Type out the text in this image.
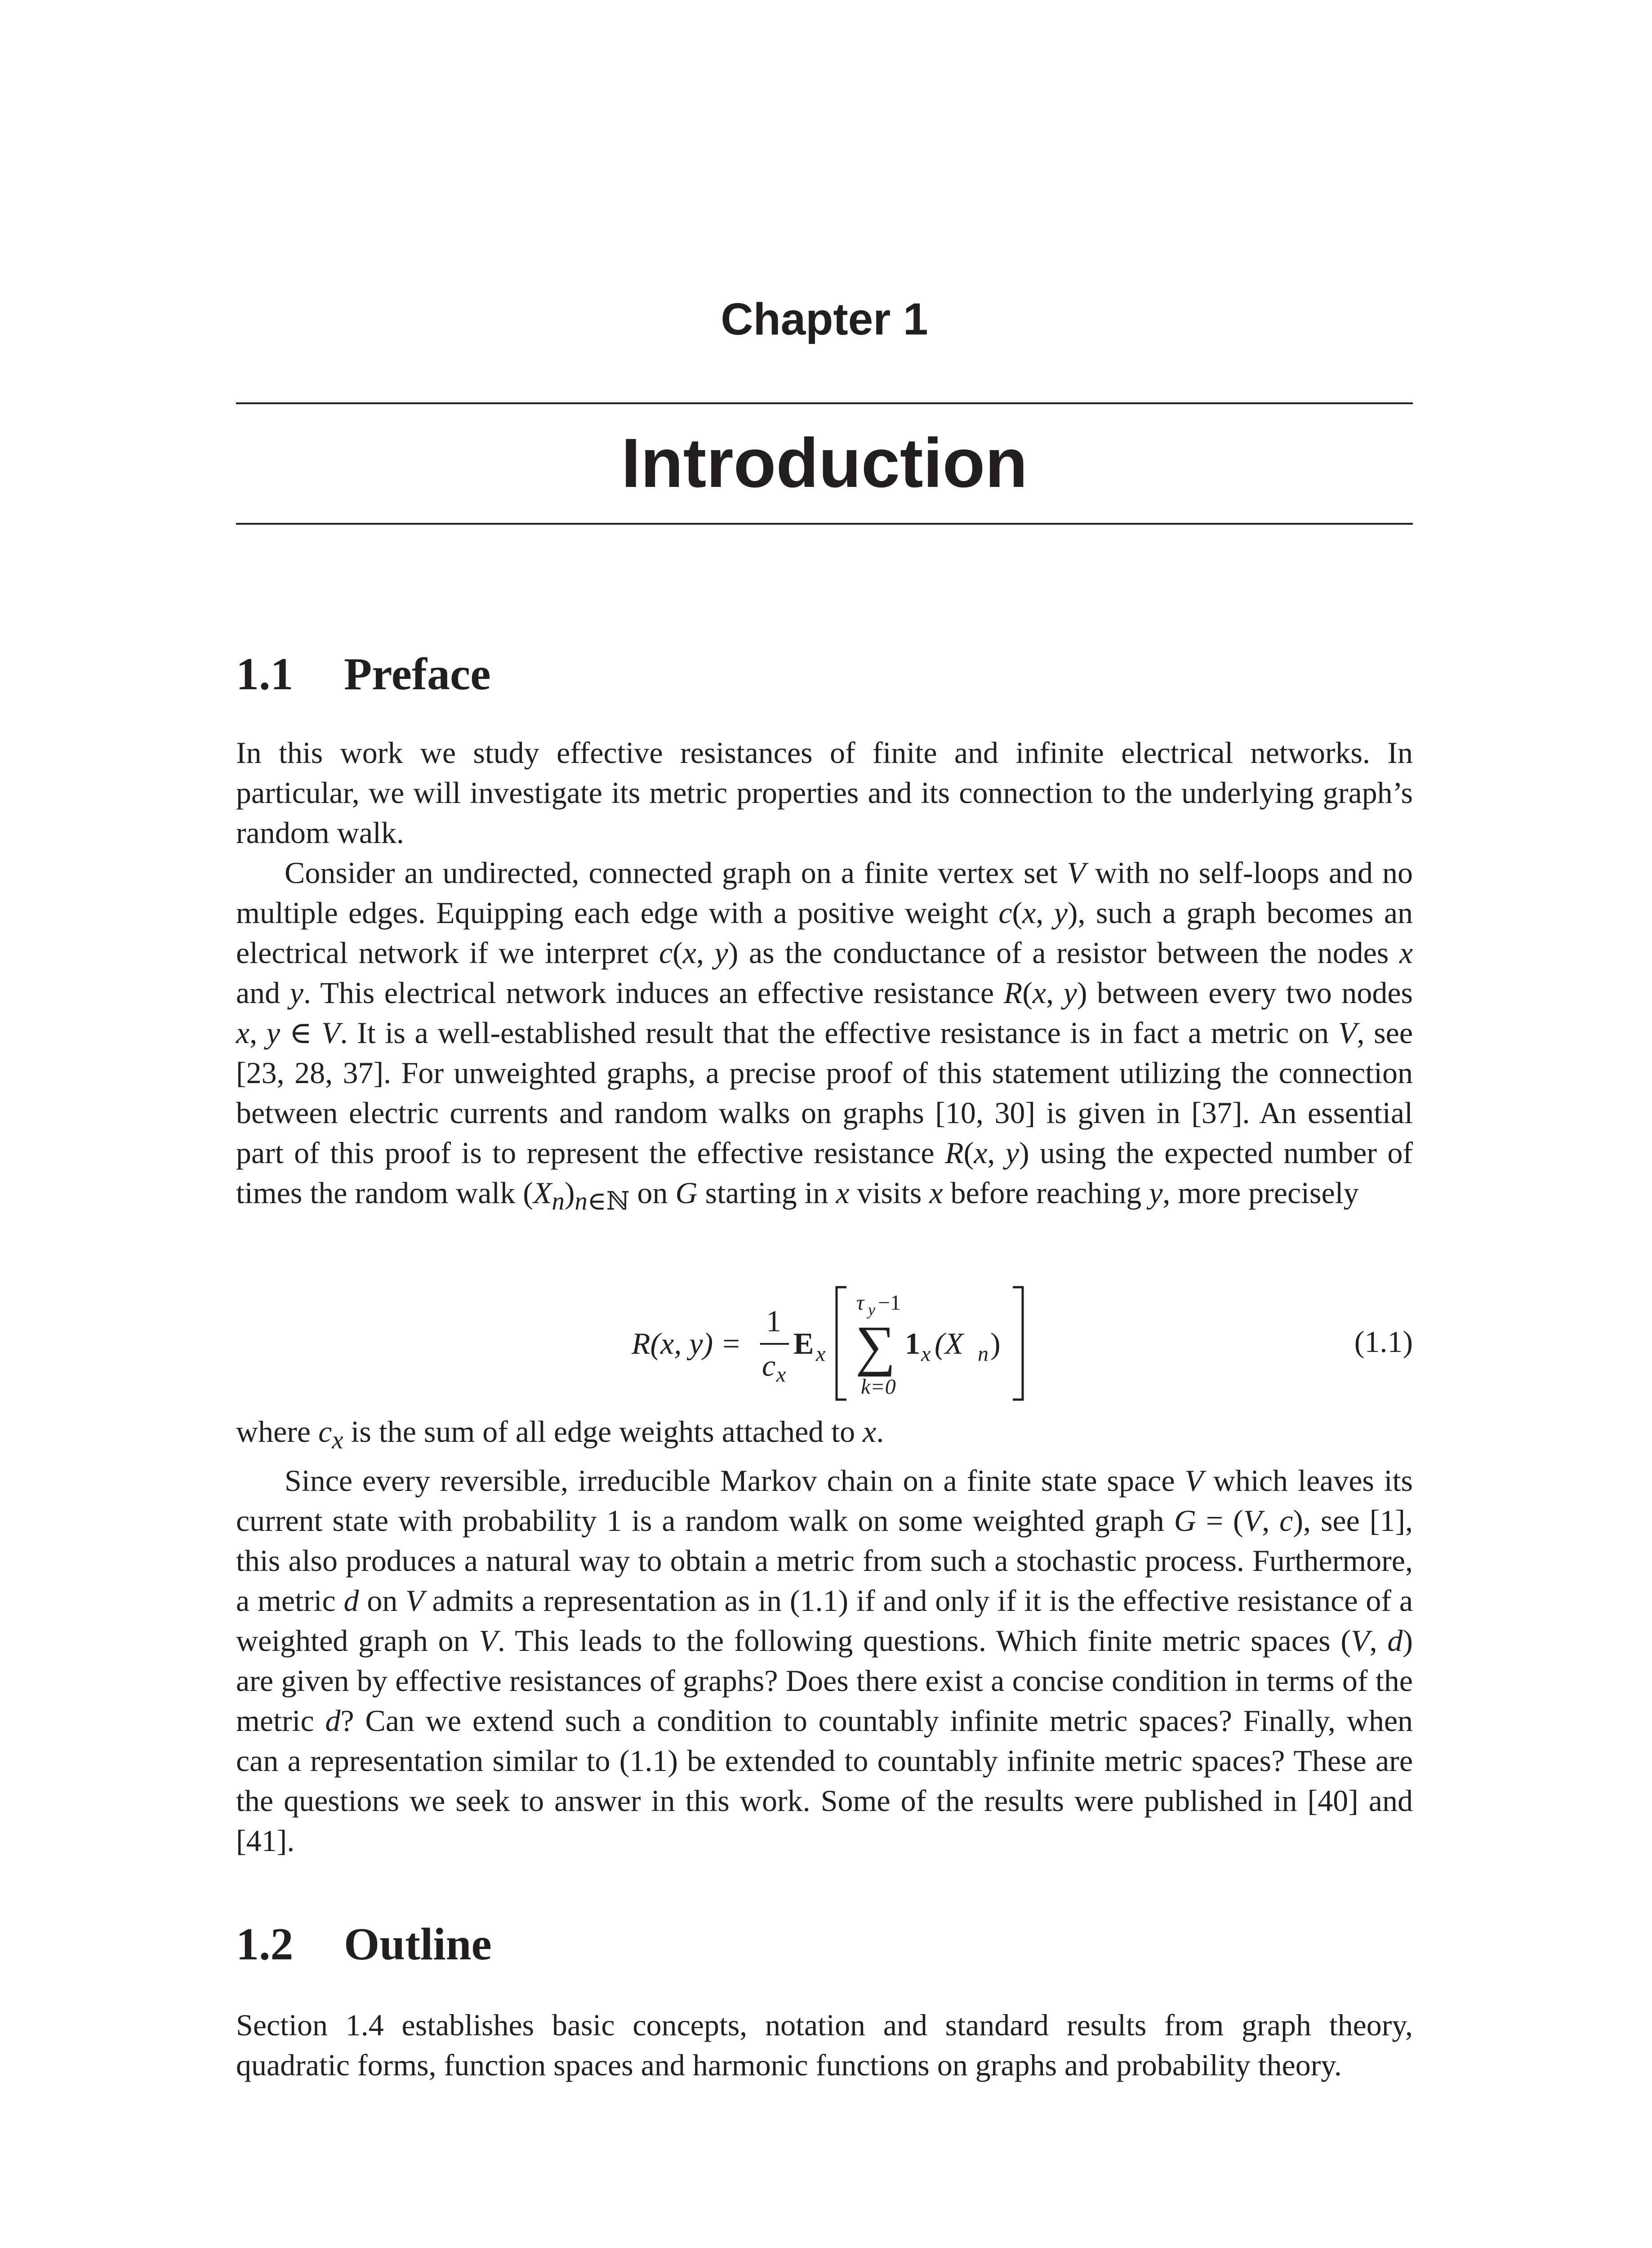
Chapter 1
Introduction
1.1 Preface

In this work we study effective resistances of finite and infinite electrical networks. In particular, we will investigate its metric properties and its connection to the underlying graph’s random walk.

Consider an undirected, connected graph on a finite vertex set V with no self-loops and no multiple edges. Equipping each edge with a positive weight c(x, y), such a graph becomes an electrical network if we interpret c(x, y) as the conductance of a resistor between the nodes x and y. This electrical network induces an effective resistance R(x, y) between every two nodes x, y ∈ V. It is a well-established result that the effective resistance is in fact a metric on V, see [23, 28, 37]. For unweighted graphs, a precise proof of this statement utilizing the connection between electric currents and random walks on graphs [10, 30] is given in [37]. An essential part of this proof is to represent the effective resistance R(x, y) using the expected number of times the random walk $(X_n)_{n\in ℕ}$ on G starting in x visits x before reaching y, more precisely

R(x, y) =
1
c x
E x
τ y −1
∑
k=0
1 x (X n )	(1.1)

where $c_x$ is the sum of all edge weights attached to x.

Since every reversible, irreducible Markov chain on a finite state space V which leaves its current state with probability 1 is a random walk on some weighted graph G = (V, c), see [1], this also produces a natural way to obtain a metric from such a stochastic process. Furthermore, a metric d on V admits a representation as in (1.1) if and only if it is the effective resistance of a weighted graph on V. This leads to the following questions. Which finite metric spaces (V, d) are given by effective resistances of graphs? Does there exist a concise condition in terms of the metric d? Can we extend such a condition to countably infinite metric spaces? Finally, when can a representation similar to (1.1) be extended to countably infinite metric spaces? These are the questions we seek to answer in this work. Some of the results were published in [40] and [41].

1.2 Outline

Section 1.4 establishes basic concepts, notation and standard results from graph theory, quadratic forms, function spaces and harmonic functions on graphs and probability theory.
